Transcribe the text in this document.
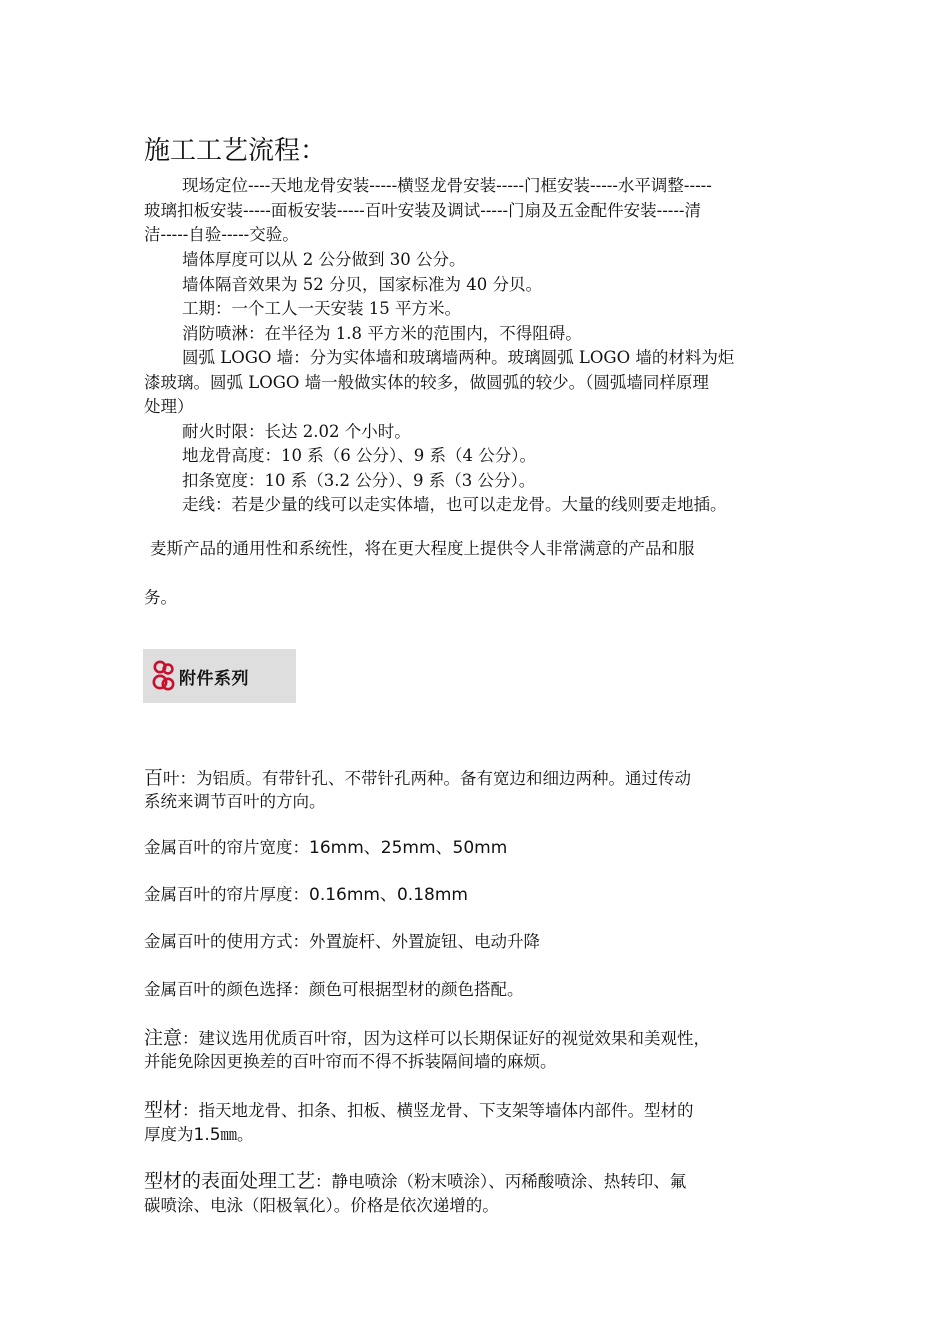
施工工艺流程：
现场定位----天地龙骨安装-----横竖龙骨安装-----门框安装-----水平调整-----
玻璃扣板安装-----面板安装-----百叶安装及调试-----门扇及五金配件安装-----清
洁-----自验-----交验。
墙体厚度可以从 2 公分做到 30 公分。
墙体隔音效果为 52 分贝，国家标准为 40 分贝。
工期：一个工人一天安装 15 平方米。
消防喷淋：在半径为 1.8 平方米的范围内，不得阻碍。
圆弧 LOGO 墙：分为实体墙和玻璃墙两种。玻璃圆弧 LOGO 墙的材料为炬
漆玻璃。圆弧 LOGO 墙一般做实体的较多，做圆弧的较少。（圆弧墙同样原理
处理）
耐火时限：长达 2.02 个小时。
地龙骨高度：10 系（6 公分）、9 系（4 公分）。
扣条宽度：10 系（3.2 公分）、9 系（3 公分）。
走线：若是少量的线可以走实体墙，也可以走龙骨。大量的线则要走地插。
麦斯产品的通用性和系统性，将在更大程度上提供令人非常满意的产品和服
务。
附件系列
百叶：为铝质。有带针孔、不带针孔两种。备有宽边和细边两种。通过传动
系统来调节百叶的方向。
金属百叶的帘片宽度：16mm、25mm、50mm
金属百叶的帘片厚度：0.16mm、0.18mm
金属百叶的使用方式：外置旋杆、外置旋钮、电动升降
金属百叶的颜色选择：颜色可根据型材的颜色搭配。
注意：建议选用优质百叶帘，因为这样可以长期保证好的视觉效果和美观性，
并能免除因更换差的百叶帘而不得不拆装隔间墙的麻烦。
型材：指天地龙骨、扣条、扣板、横竖龙骨、下支架等墙体内部件。型材的
厚度为1.5㎜。
型材的表面处理工艺：静电喷涂（粉末喷涂）、丙稀酸喷涂、热转印、氟
碳喷涂、电泳（阳极氧化）。价格是依次递增的。
